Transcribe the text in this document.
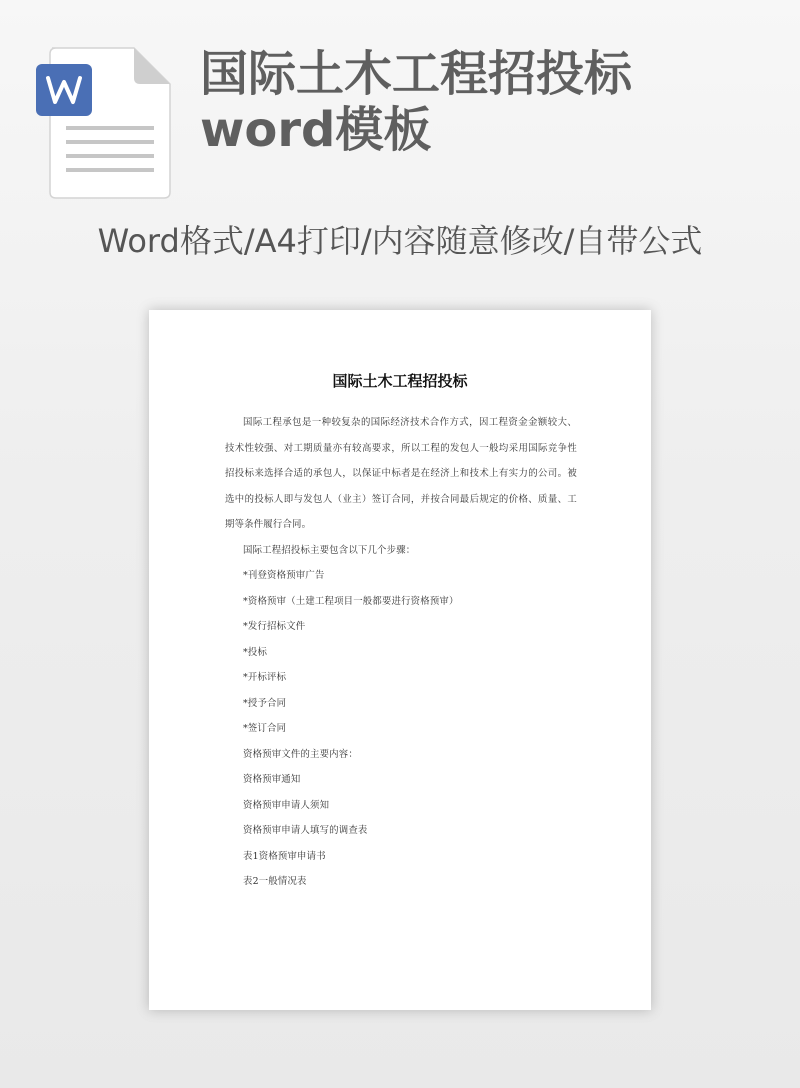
国际土木工程招投标
word模板
Word格式/A4打印/内容随意修改/自带公式
国际土木工程招投标

国际工程承包是一种较复杂的国际经济技术合作方式，因工程资金金额较大、技术性较强、对工期质量亦有较高要求，所以工程的发包人一般均采用国际竞争性招投标来选择合适的承包人，以保证中标者是在经济上和技术上有实力的公司。被选中的投标人即与发包人（业主）签订合同，并按合同最后规定的价格、质量、工期等条件履行合同。

国际工程招投标主要包含以下几个步骤：

*刊登资格预审广告

*资格预审（土建工程项目一般都要进行资格预审）

*发行招标文件

*投标

*开标评标

*授予合同

*签订合同

资格预审文件的主要内容：

资格预审通知

资格预审申请人须知

资格预审申请人填写的调查表

表1资格预审申请书

表2一般情况表
